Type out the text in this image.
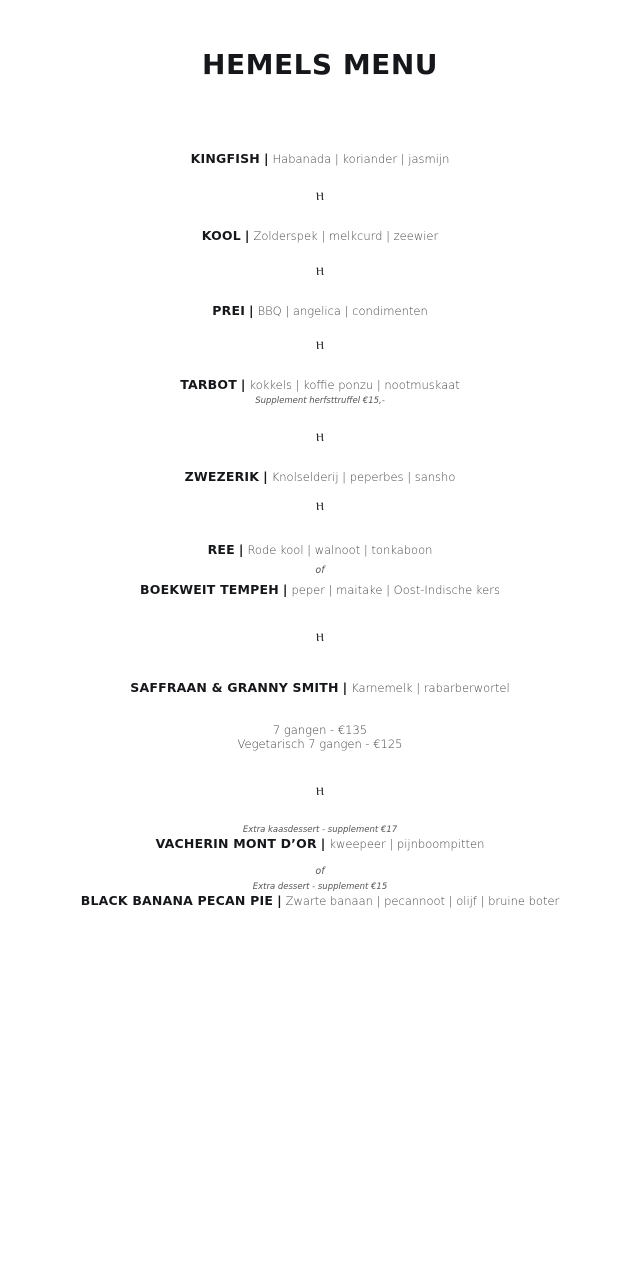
HEMELS MENU
KINGFISH | Habanada | koriander | jasmijn
Ⲏ
KOOL | Zolderspek | melkcurd | zeewier
Ⲏ
PREI | BBQ | angelica | condimenten
Ⲏ
TARBOT | kokkels | koffie ponzu | nootmuskaat
Supplement herfsttruffel €15,-
Ⲏ
ZWEZERIK | Knolselderij | peperbes | sansho
Ⲏ
REE | Rode kool | walnoot | tonkaboon
of
BOEKWEIT TEMPEH | peper | maitake | Oost-Indische kers
Ⲏ
SAFFRAAN & GRANNY SMITH | Karnemelk | rabarberwortel
7 gangen - €135
Vegetarisch 7 gangen - €125
Ⲏ
Extra kaasdessert - supplement €17
VACHERIN MONT D’OR | kweepeer | pijnboompitten
of
Extra dessert - supplement €15
BLACK BANANA PECAN PIE | Zwarte banaan | pecannoot | olijf | bruine boter
